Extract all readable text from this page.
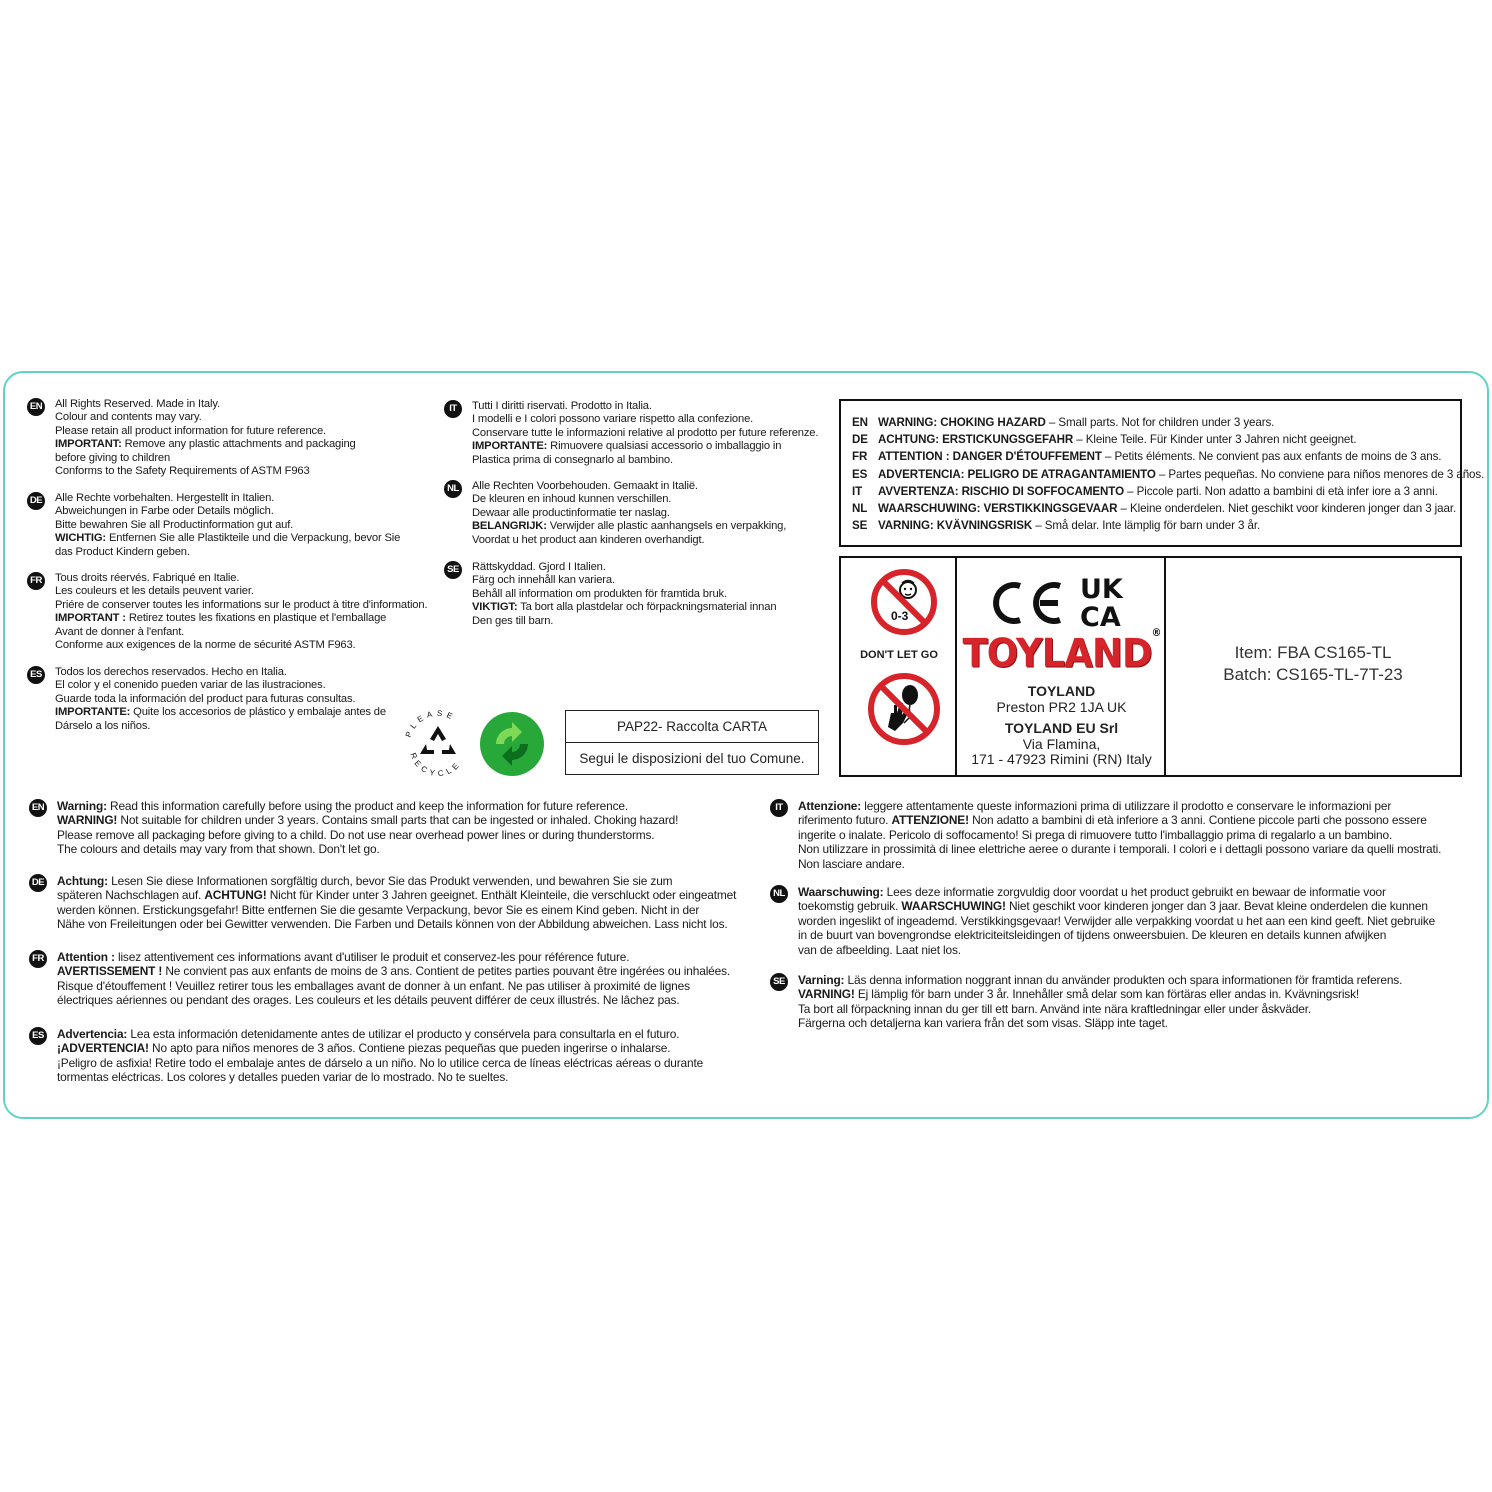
EN All Rights Reserved. Made in Italy.

Colour and contents may vary.

Please retain all product information for future reference.

IMPORTANT: Remove any plastic attachments and packaging

before giving to children

Conforms to the Safety Requirements of ASTM F963

DE Alle Rechte vorbehalten. Hergestellt in Italien.

Abweichungen in Farbe oder Details möglich.

Bitte bewahren Sie all Productinformation gut auf.

WICHTIG: Entfernen Sie alle Plastikteile und die Verpackung, bevor Sie

das Product Kindern geben.

FR Tous droits réervés. Fabriqué en Italie.

Les couleurs et les details peuvent varier.

Priére de conserver toutes les informations sur le product à titre d'information.

IMPORTANT : Retirez toutes les fixations en plastique et l'emballage

Avant de donner à l'enfant.

Conforme aux exigences de la norme de sécurité ASTM F963.

ES Todos los derechos reservados. Hecho en Italia.

El color y el conenido pueden variar de las ilustraciones.

Guarde toda la información del product para futuras consultas.

IMPORTANTE: Quite los accesorios de plástico y embalaje antes de

Dárselo a los niños.

IT	Tutti I diritti riservati. Prodotto in Italia.

I modelli e I colori possono variare rispetto alla confezione.

Conservare tutte le informazioni relative al prodotto per future referenze.

IMPORTANTE: Rimuovere qualsiasi accessorio o imballaggio in

Plastica prima di consegnarlo al bambino.

NL Alle Rechten Voorbehouden. Gemaakt in Italië.

De kleuren en inhoud kunnen verschillen.

Dewaar alle productinformatie ter naslag.

BELANGRIJK: Verwijder alle plastic aanhangsels en verpakking,

Voordat u het product aan kinderen overhandigt.

SE Rättskyddad. Gjord I Italien.

Färg och innehåll kan variera.

Behåll all information om produkten för framtida bruk.

VIKTIGT: Ta bort alla plastdelar och förpackningsmaterial innan

Den ges till barn.

EN WARNING: CHOKING HAZARD – Small parts. Not for children under 3 years.
DE ACHTUNG: ERSTICKUNGSGEFAHR – Kleine Teile. Für Kinder unter 3 Jahren nicht geeignet.
FR ATTENTION : DANGER D'ÉTOUFFEMENT – Petits éléments. Ne convient pas aux enfants de moins de 3 ans.
ES ADVERTENCIA: PELIGRO DE ATRAGANTAMIENTO – Partes pequeñas. No conviene para niños menores de 3 años.
IT AVVERTENZA: RISCHIO DI SOFFOCAMENTO – Piccole parti. Non adatto a bambini di età infer iore a 3 anni.
NL WAARSCHUWING: VERSTIKKINGSGEVAAR – Kleine onderdelen. Niet geschikt voor kinderen jonger dan 3 jaar.
SE VARNING: KVÄVNINGSRISK – Små delar. Inte lämplig för barn under 3 år.
0-3
DON'T LET GO
UK
CA
TOYLAND®
TOYLAND
Preston PR2 1JA UK
TOYLAND EU Srl
Via Flamina,
171 - 47923 Rimini (RN) Italy
Item: FBA CS165-TL
Batch: CS165-TL-7T-23
PLEASE
RECYCLE
PLEASE RECYCLE
PAP22- Raccolta CARTA
Segui le disposizioni del tuo Comune.
EN Warning: Read this information carefully before using the product and keep the information for future reference.

WARNING! Not suitable for children under 3 years. Contains small parts that can be ingested or inhaled. Choking hazard!

Please remove all packaging before giving to a child. Do not use near overhead power lines or during thunderstorms.

The colours and details may vary from that shown. Don't let go.

DE Achtung: Lesen Sie diese Informationen sorgfältig durch, bevor Sie das Produkt verwenden, und bewahren Sie sie zum

späteren Nachschlagen auf. ACHTUNG! Nicht für Kinder unter 3 Jahren geeignet. Enthält Kleinteile, die verschluckt oder eingeatmet

werden können. Erstickungsgefahr! Bitte entfernen Sie die gesamte Verpackung, bevor Sie es einem Kind geben. Nicht in der

Nähe von Freileitungen oder bei Gewitter verwenden. Die Farben und Details können von der Abbildung abweichen. Lass nicht los.

FR Attention : lisez attentivement ces informations avant d'utiliser le produit et conservez-les pour référence future.

AVERTISSEMENT ! Ne convient pas aux enfants de moins de 3 ans. Contient de petites parties pouvant être ingérées ou inhalées.

Risque d'étouffement ! Veuillez retirer tous les emballages avant de donner à un enfant. Ne pas utiliser à proximité de lignes

électriques aériennes ou pendant des orages. Les couleurs et les détails peuvent différer de ceux illustrés. Ne lâchez pas.

ES Advertencia: Lea esta información detenidamente antes de utilizar el producto y consérvela para consultarla en el futuro.

¡ADVERTENCIA! No apto para niños menores de 3 años. Contiene piezas pequeñas que pueden ingerirse o inhalarse.

¡Peligro de asfixia! Retire todo el embalaje antes de dárselo a un niño. No lo utilice cerca de líneas eléctricas aéreas o durante

tormentas eléctricas. Los colores y detalles pueden variar de lo mostrado. No te sueltes.

IT	Attenzione: leggere attentamente queste informazioni prima di utilizzare il prodotto e conservare le informazioni per

riferimento futuro. ATTENZIONE! Non adatto a bambini di età inferiore a 3 anni. Contiene piccole parti che possono essere

ingerite o inalate. Pericolo di soffocamento! Si prega di rimuovere tutto l'imballaggio prima di regalarlo a un bambino.

Non utilizzare in prossimità di linee elettriche aeree o durante i temporali. I colori e i dettagli possono variare da quelli mostrati.

Non lasciare andare.

NL Waarschuwing: Lees deze informatie zorgvuldig door voordat u het product gebruikt en bewaar de informatie voor

toekomstig gebruik. WAARSCHUWING! Niet geschikt voor kinderen jonger dan 3 jaar. Bevat kleine onderdelen die kunnen

worden ingeslikt of ingeademd. Verstikkingsgevaar! Verwijder alle verpakking voordat u het aan een kind geeft. Niet gebruike

in de buurt van bovengrondse elektriciteitsleidingen of tijdens onweersbuien. De kleuren en details kunnen afwijken

van de afbeelding. Laat niet los.

SE Varning: Läs denna information noggrant innan du använder produkten och spara informationen för framtida referens.

VARNING! Ej lämplig för barn under 3 år. Innehåller små delar som kan förtäras eller andas in. Kvävningsrisk!

Ta bort all förpackning innan du ger till ett barn. Använd inte nära kraftledningar eller under åskväder.

Färgerna och detaljerna kan variera från det som visas. Släpp inte taget.
